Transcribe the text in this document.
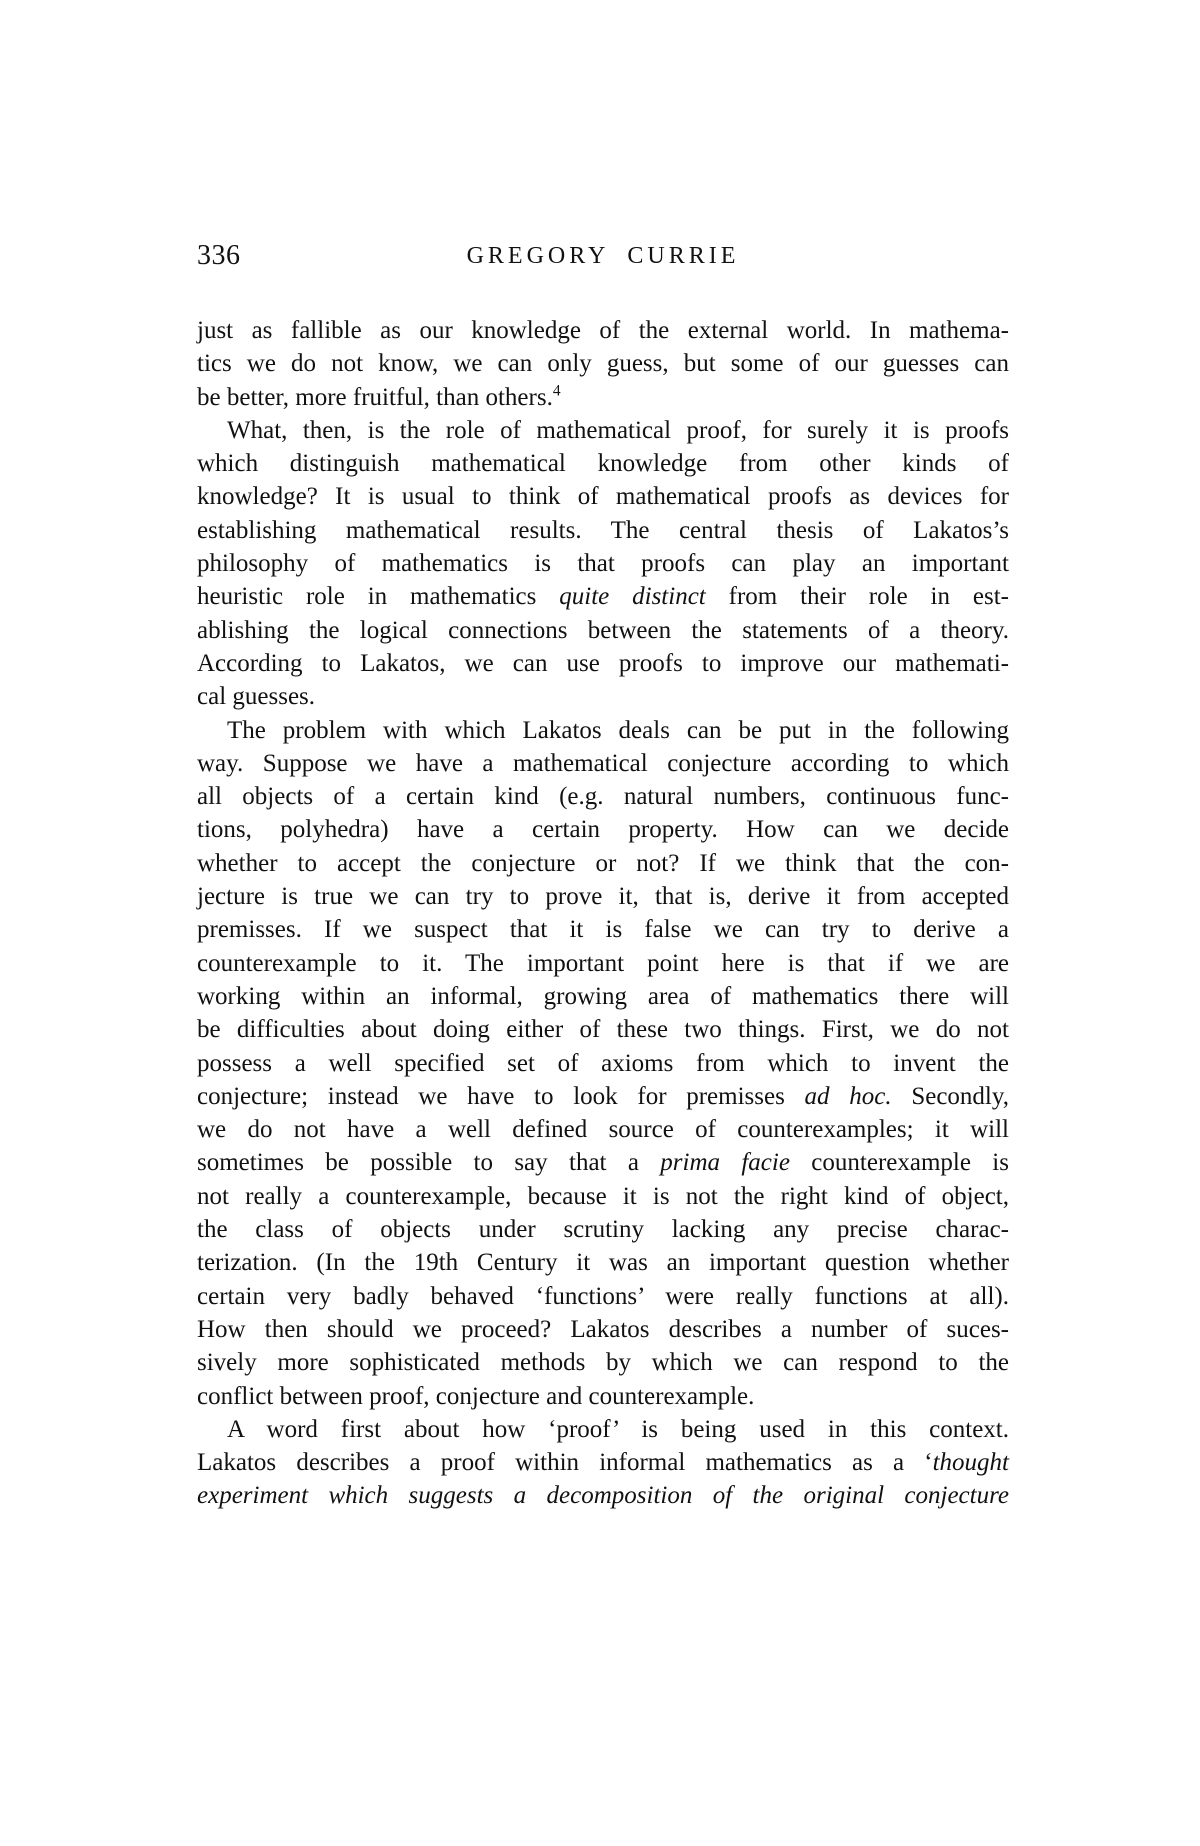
336	GREGORY CURRIE
just as fallible as our knowledge of the external world. In mathema-
tics we do not know, we can only guess, but some of our guesses can
be better, more fruitful, than others.$^4$
What, then, is the role of mathematical proof, for surely it is proofs
which distinguish mathematical knowledge from other kinds of
knowledge? It is usual to think of mathematical proofs as devices for
establishing mathematical results. The central thesis of Lakatos’s
philosophy of mathematics is that proofs can play an important
heuristic role in mathematics quite distinct from their role in est-
ablishing the logical connections between the statements of a theory.
According to Lakatos, we can use proofs to improve our mathemati-
cal guesses.
The problem with which Lakatos deals can be put in the following
way. Suppose we have a mathematical conjecture according to which
all objects of a certain kind (e.g. natural numbers, continuous func-
tions, polyhedra) have a certain property. How can we decide
whether to accept the conjecture or not? If we think that the con-
jecture is true we can try to prove it, that is, derive it from accepted
premisses. If we suspect that it is false we can try to derive a
counterexample to it. The important point here is that if we are
working within an informal, growing area of mathematics there will
be difficulties about doing either of these two things. First, we do not
possess a well specified set of axioms from which to invent the
conjecture; instead we have to look for premisses ad hoc. Secondly,
we do not have a well defined source of counterexamples; it will
sometimes be possible to say that a prima facie counterexample is
not really a counterexample, because it is not the right kind of object,
the class of objects under scrutiny lacking any precise charac-
terization. (In the 19th Century it was an important question whether
certain very badly behaved ‘functions’ were really functions at all).
How then should we proceed? Lakatos describes a number of suces-
sively more sophisticated methods by which we can respond to the
conflict between proof, conjecture and counterexample.
A word first about how ‘proof’ is being used in this context.
Lakatos describes a proof within informal mathematics as a ‘thought
experiment which suggests a decomposition of the original conjecture
